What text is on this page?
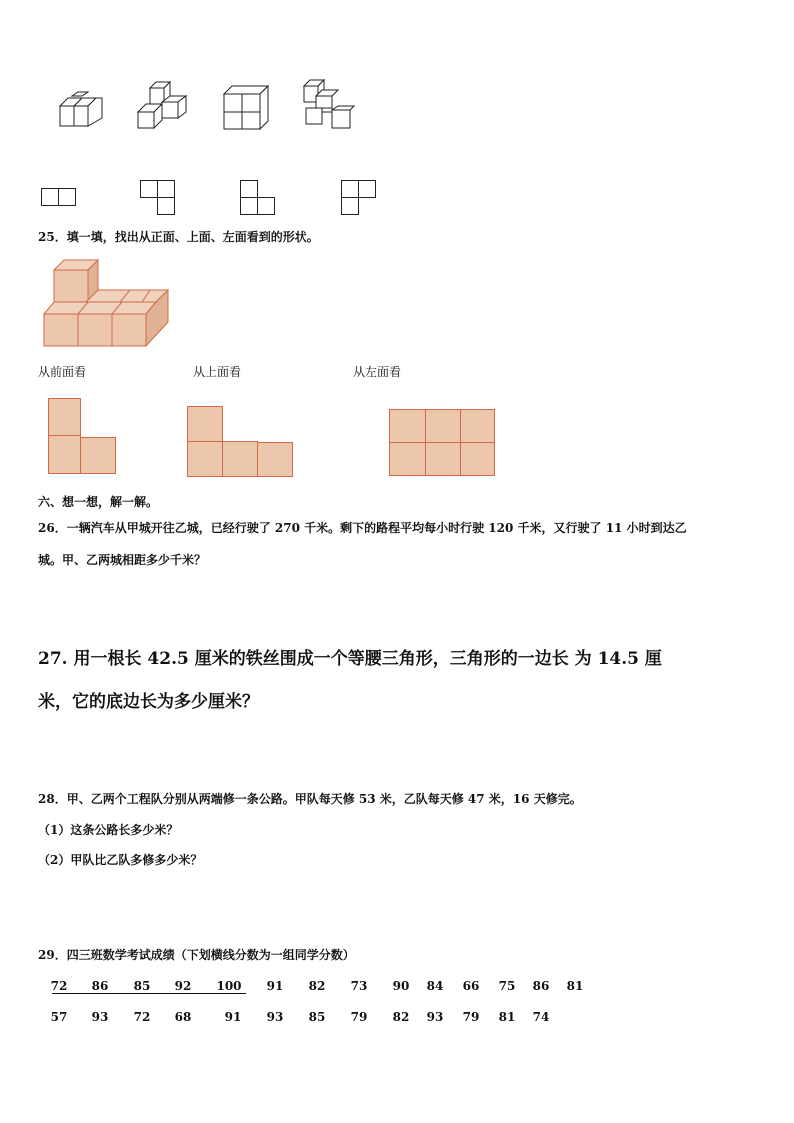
25．填一填，找出从正面、上面、左面看到的形状。
从前面看	从上面看	从左面看
六、想一想，解一解。
26．一辆汽车从甲城开往乙城，已经行驶了 270 千米。剩下的路程平均每小时行驶 120 千米，又行驶了 11 小时到达乙
城。甲、乙两城相距多少千米？
27. 用一根长 42.5 厘米的铁丝围成一个等腰三角形，三角形的一边长 为 14.5 厘
米，它的底边长为多少厘米？
28．甲、乙两个工程队分别从两端修一条公路。甲队每天修 53 米，乙队每天修 47 米，16 天修完。
（1）这条公路长多少米？
（2）甲队比乙队多修多少米？
29．四三班数学考试成绩（下划横线分数为一组同学分数）
72	86	85	92	100	91	82	73	90	84	66	75	86	81
57	93	72	68	91	93	85	79	82	93	79	81	74
